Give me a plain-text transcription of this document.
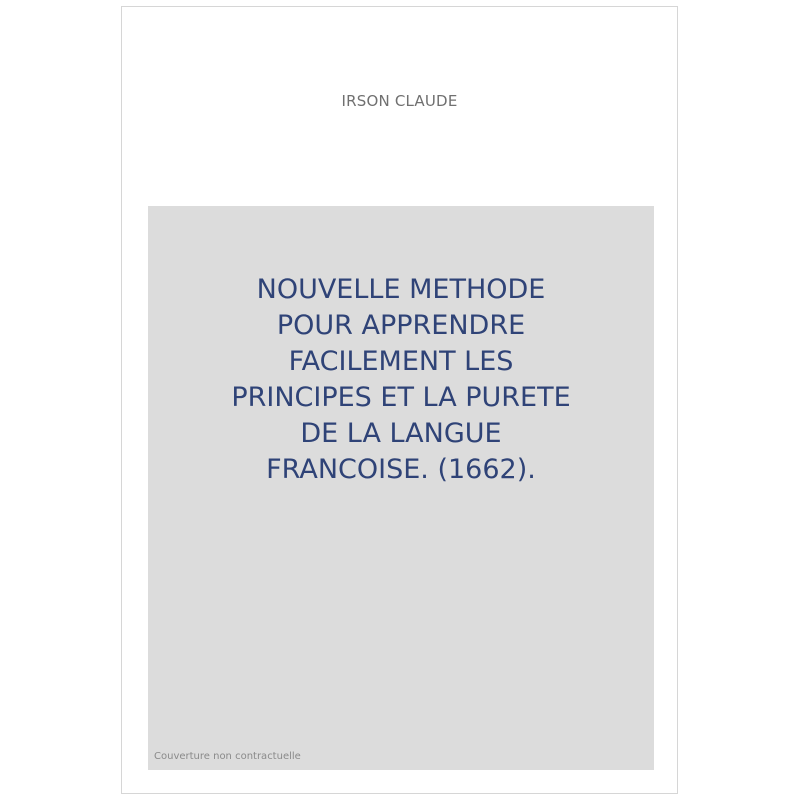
IRSON CLAUDE
NOUVELLE METHODE
POUR APPRENDRE
FACILEMENT LES
PRINCIPES ET LA PURETE
DE LA LANGUE
FRANCOISE. (1662).
Couverture non contractuelle
